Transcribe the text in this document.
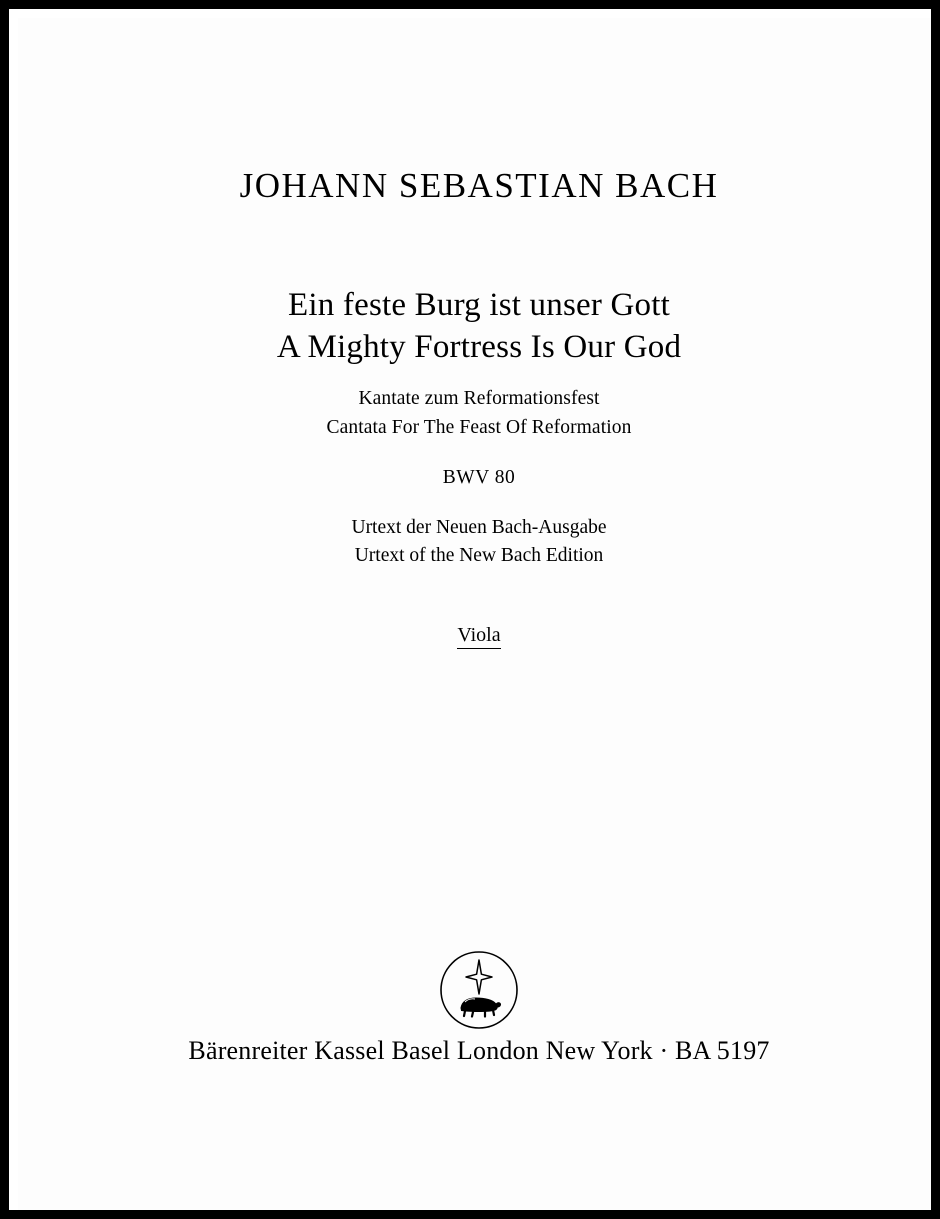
JOHANN SEBASTIAN BACH
Ein feste Burg ist unser Gott
A Mighty Fortress Is Our God
Kantate zum Reformationsfest
Cantata For The Feast Of Reformation
BWV 80
Urtext der Neuen Bach-Ausgabe
Urtext of the New Bach Edition
Viola
Bärenreiter Kassel Basel London New York · BA 5197
